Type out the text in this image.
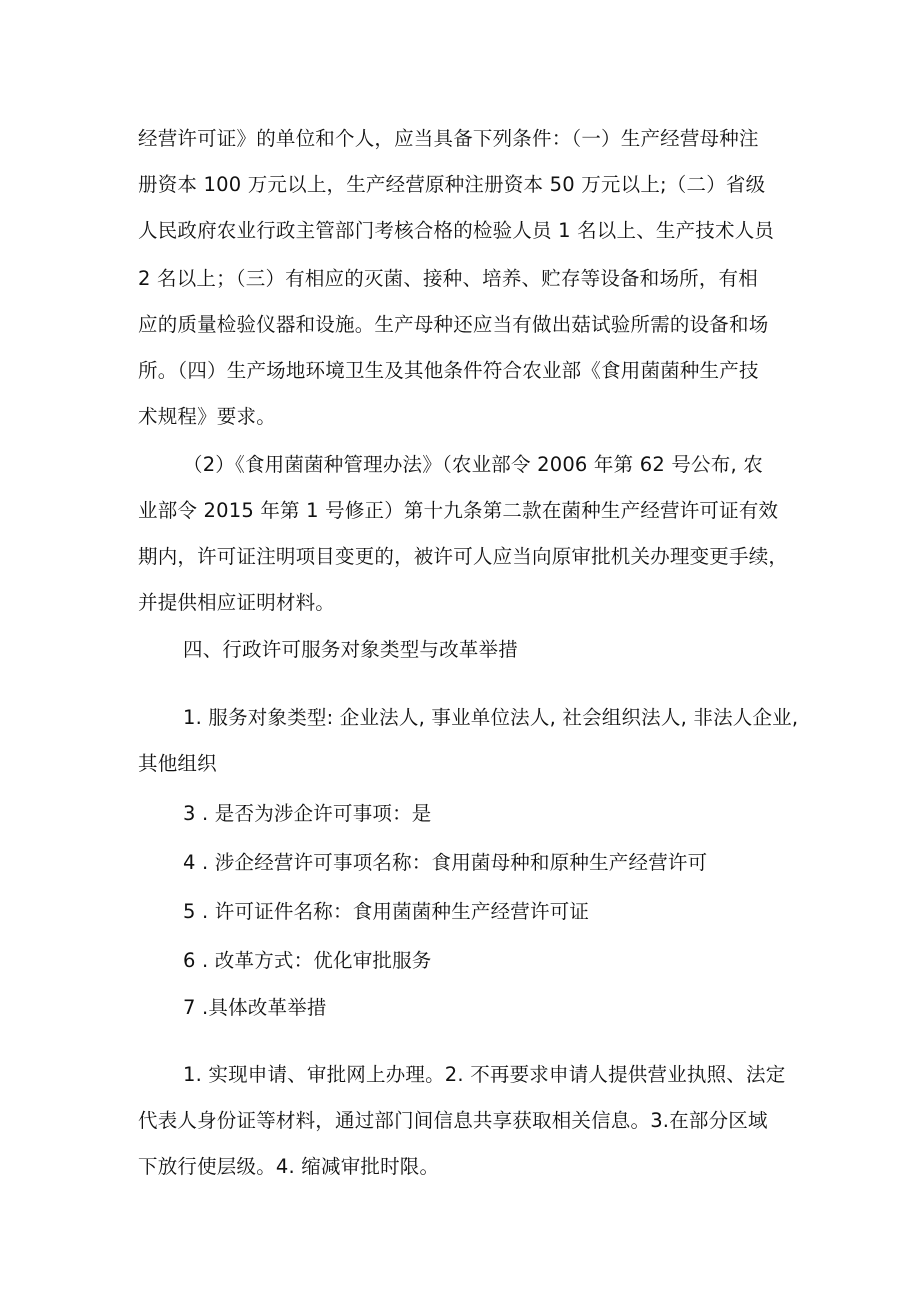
经营许可证》的单位和个人，应当具备下列条件：（一）生产经营母种注
册资本 100 万元以上，生产经营原种注册资本 50 万元以上;（二）省级
人民政府农业行政主管部门考核合格的检验人员 1 名以上、生产技术人员
2 名以上；（三）有相应的灭菌、接种、培养、贮存等设备和场所，有相
应的质量检验仪器和设施。生产母种还应当有做出菇试验所需的设备和场
所。（四）生产场地环境卫生及其他条件符合农业部《食用菌菌种生产技
术规程》要求。
（2）《食用菌菌种管理办法》（农业部令 2006 年第 62 号公布, 农
业部令 2015 年第 1 号修正）第十九条第二款在菌种生产经营许可证有效
期内，许可证注明项目变更的，被许可人应当向原审批机关办理变更手续，
并提供相应证明材料。
四、行政许可服务对象类型与改革举措
1. 服务对象类型: 企业法人, 事业单位法人, 社会组织法人, 非法人企业,
其他组织
3 . 是否为涉企许可事项：是
4 . 涉企经营许可事项名称：食用菌母种和原种生产经营许可
5 . 许可证件名称：食用菌菌种生产经营许可证
6 . 改革方式：优化审批服务
7 .具体改革举措
1. 实现申请、审批网上办理。2. 不再要求申请人提供营业执照、法定
代表人身份证等材料，通过部门间信息共享获取相关信息。3.在部分区域
下放行使层级。4. 缩减审批时限。
